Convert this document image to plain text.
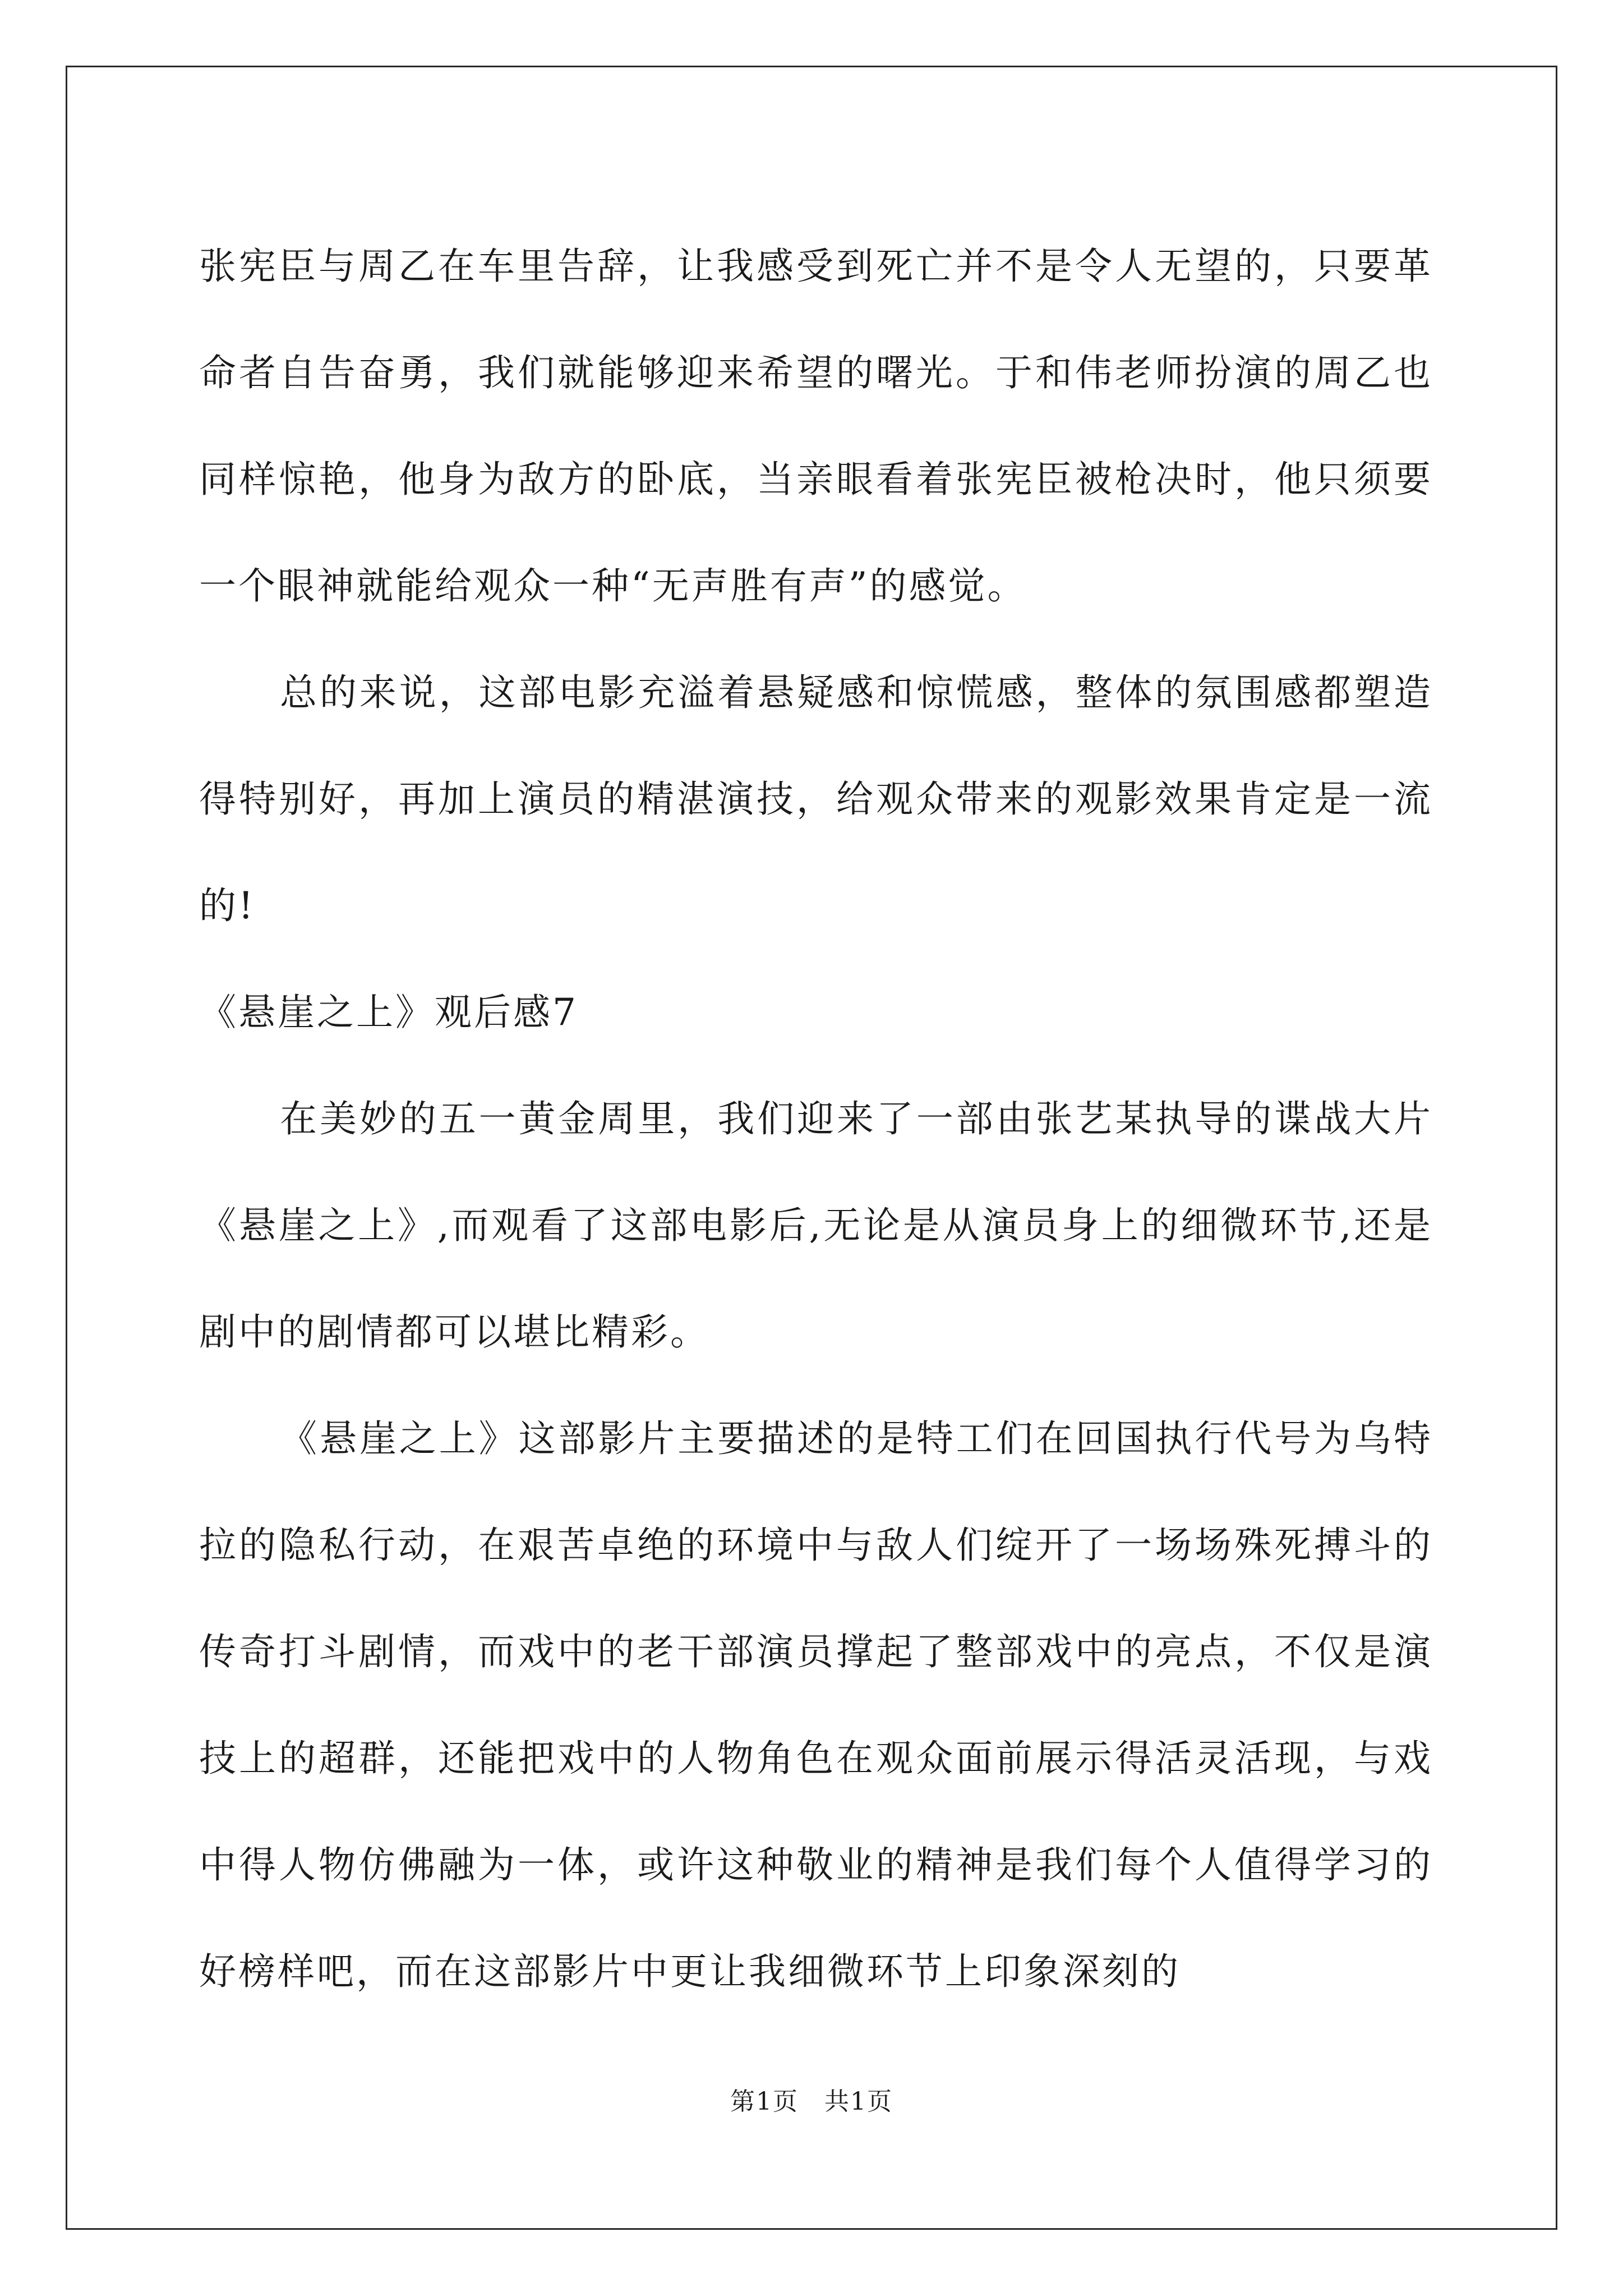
张宪臣与周乙在车里告辞，让我感受到死亡并不是令人无望的，只要革命者自告奋勇，我们就能够迎来希望的曙光。于和伟老师扮演的周乙也同样惊艳，他身为敌方的卧底，当亲眼看着张宪臣被枪决时，他只须要一个眼神就能给观众一种“无声胜有声”的感觉。

总的来说，这部电影充溢着悬疑感和惊慌感，整体的氛围感都塑造得特别好，再加上演员的精湛演技，给观众带来的观影效果肯定是一流的!

《悬崖之上》观后感7

在美妙的五一黄金周里，我们迎来了一部由张艺某执导的谍战大片《悬崖之上》,而观看了这部电影后,无论是从演员身上的细微环节,还是剧中的剧情都可以堪比精彩。

《悬崖之上》这部影片主要描述的是特工们在回国执行代号为乌特拉的隐私行动，在艰苦卓绝的环境中与敌人们绽开了一场场殊死搏斗的传奇打斗剧情，而戏中的老干部演员撑起了整部戏中的亮点，不仅是演技上的超群，还能把戏中的人物角色在观众面前展示得活灵活现，与戏中得人物仿佛融为一体，或许这种敬业的精神是我们每个人值得学习的好榜样吧，而在这部影片中更让我细微环节上印象深刻的

第1页　共1页
